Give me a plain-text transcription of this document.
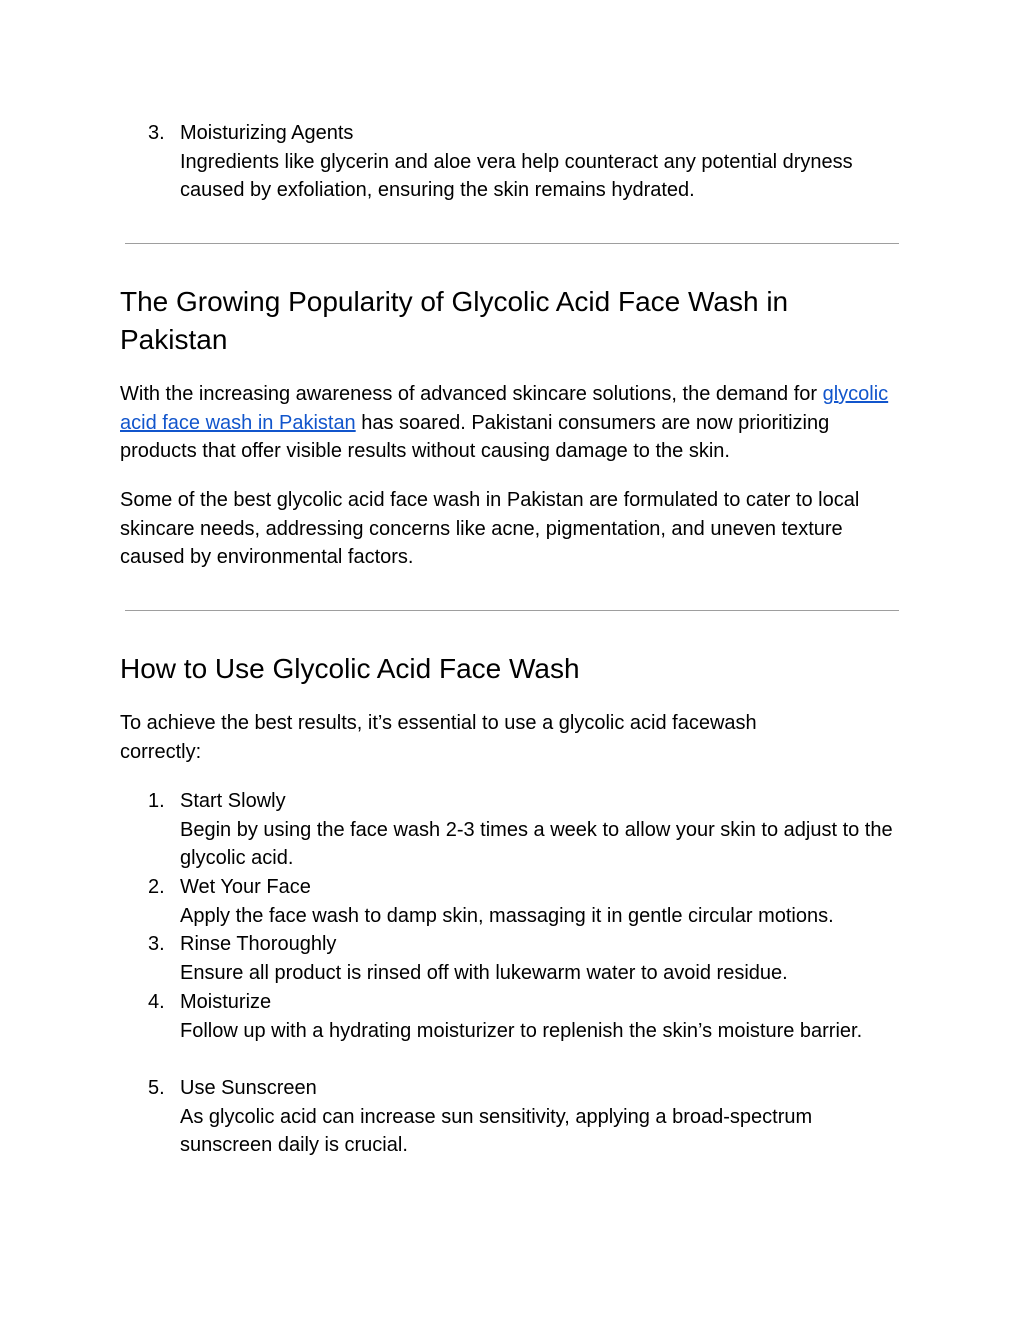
3. Moisturizing Agents
Ingredients like glycerin and aloe vera help counteract any potential dryness caused by exfoliation, ensuring the skin remains hydrated.
The Growing Popularity of Glycolic Acid Face Wash in Pakistan

With the increasing awareness of advanced skincare solutions, the demand for glycolic acid face wash in Pakistan has soared. Pakistani consumers are now prioritizing products that offer visible results without causing damage to the skin.

Some of the best glycolic acid face wash in Pakistan are formulated to cater to local skincare needs, addressing concerns like acne, pigmentation, and uneven texture caused by environmental factors.

How to Use Glycolic Acid Face Wash

To achieve the best results, it’s essential to use a glycolic acid facewash correctly:

1. Start Slowly
Begin by using the face wash 2-3 times a week to allow your skin to adjust to the glycolic acid.
2. Wet Your Face
Apply the face wash to damp skin, massaging it in gentle circular motions.
3. Rinse Thoroughly
Ensure all product is rinsed off with lukewarm water to avoid residue.
4. Moisturize
Follow up with a hydrating moisturizer to replenish the skin’s moisture barrier.
5. Use Sunscreen
As glycolic acid can increase sun sensitivity, applying a broad-spectrum sunscreen daily is crucial.
